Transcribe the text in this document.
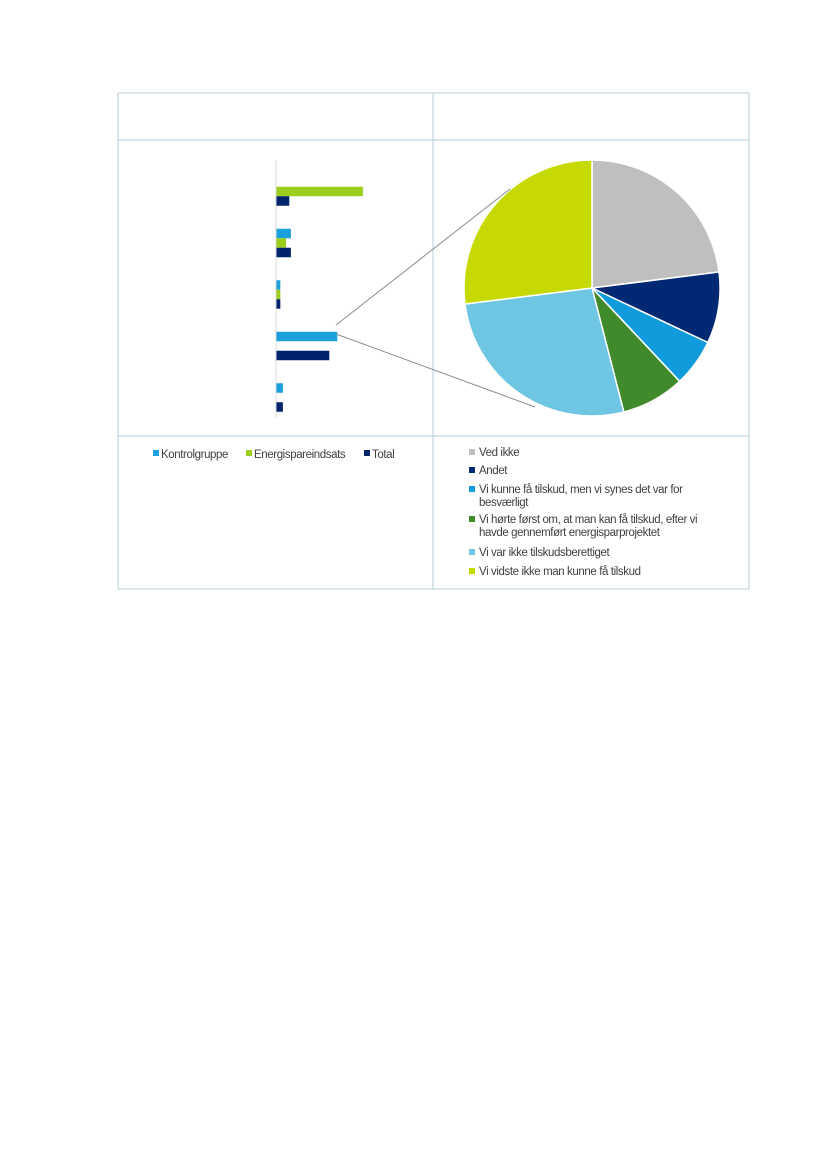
Kontrolgruppe Energispareindsats Total	Ved ikke
Andet
Vi kunne få tilskud, men vi synes det var for besværligt
Vi hørte først om, at man kan få tilskud, efter vi havde gennemført energisparprojektet
Vi var ikke tilskudsberettiget
Vi vidste ikke man kunne få tilskud
